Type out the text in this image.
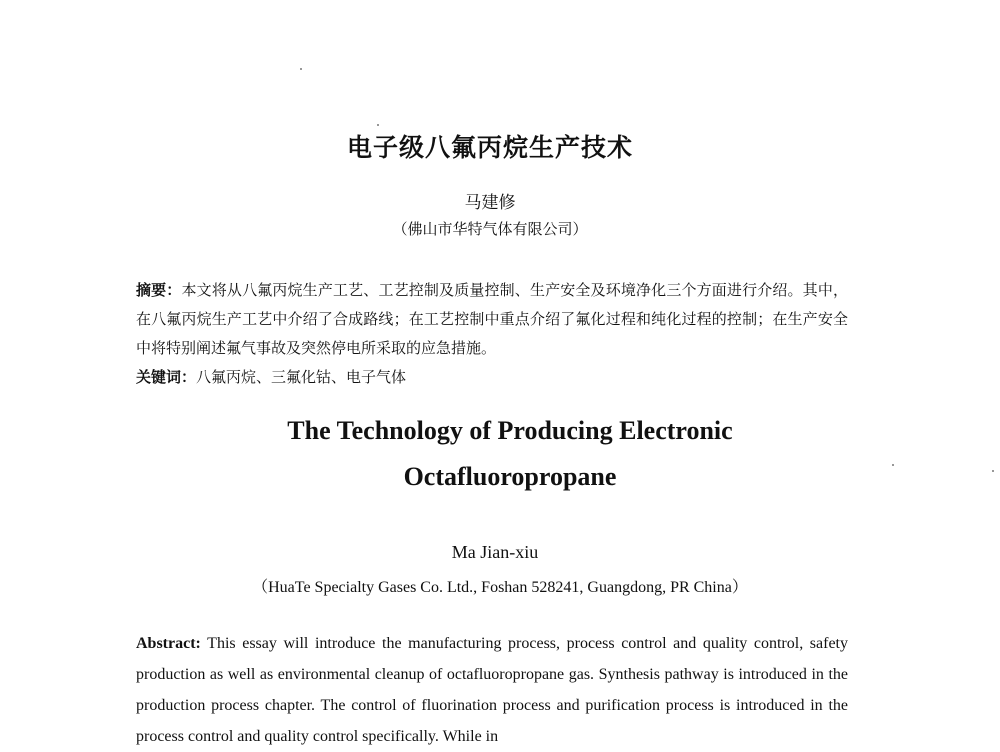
电子级八氟丙烷生产技术
马建修
（佛山市华特气体有限公司）
摘要：本文将从八氟丙烷生产工艺、工艺控制及质量控制、生产安全及环境净化三个方面进行介绍。其中，在八氟丙烷生产工艺中介绍了合成路线；在工艺控制中重点介绍了氟化过程和纯化过程的控制；在生产安全中将特别阐述氟气事故及突然停电所采取的应急措施。
关键词：八氟丙烷、三氟化钴、电子气体
The Technology of Producing Electronic
Octafluoropropane
Ma Jian-xiu
（HuaTe Specialty Gases Co. Ltd., Foshan 528241, Guangdong, PR China）
Abstract: This essay will introduce the manufacturing process, process control and quality control, safety production as well as environmental cleanup of octafluoropropane gas. Synthesis pathway is introduced in the production process chapter. The control of fluorination process and purification process is introduced in the process control and quality control specifically. While in
